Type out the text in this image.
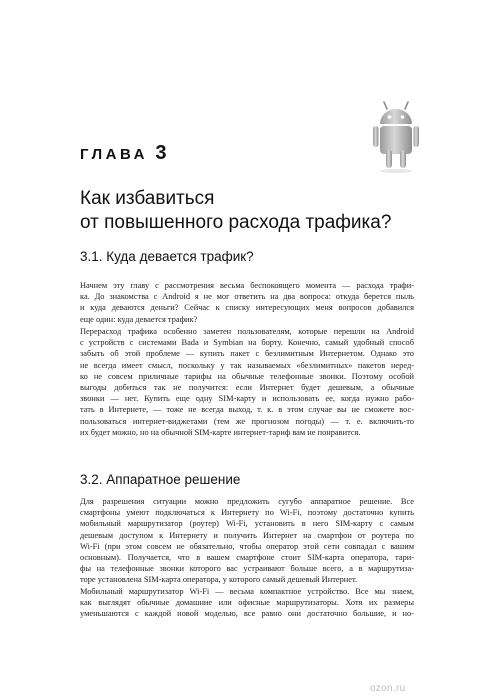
ГЛАВА 3
Как избавиться
от повышенного расхода трафика?
3.1. Куда девается трафик?

Начнем эту главу с рассмотрения весьма беспокоящего момента — расхода трафи-
ка. До знакомства с Android я не мог ответить на два вопроса: откуда берется пыль
и куда деваются деньги? Сейчас к списку интересующих меня вопросов добавился
еще один: куда девается трафик?

Перерасход трафика особенно заметен пользователям, которые перешли на Android
с устройств с системами Bada и Symbian на борту. Конечно, самый удобный способ
забыть об этой проблеме — купить пакет с безлимитным Интернетом. Однако это
не всегда имеет смысл, поскольку у так называемых «безлимитных» пакетов неред-
ко не совсем приличные тарифы на обычные телефонные звонки. Поэтому особой
выгоды добиться так не получится: если Интернет будет дешевым, а обычные
звонки — нет. Купить еще одну SIM-карту и использовать ее, когда нужно рабо-
тать в Интернете, — тоже не всегда выход, т. к. в этом случае вы не сможете вос-
пользоваться интернет-виджетами (тем же прогнозом погоды) — т. е. включить-то
их будет можно, но на обычной SIM-карте интернет-тариф вам не понравится.

3.2. Аппаратное решение

Для разрешения ситуации можно предложить сугубо аппаратное решение. Все
смартфоны умеют подключаться к Интернету по Wi-Fi, поэтому достаточно купить
мобильный маршрутизатор (роутер) Wi-Fi, установить в него SIM-карту с самым
дешевым доступом к Интернету и получить Интернет на смартфон от роутера по
Wi-Fi (при этом совсем не обязательно, чтобы оператор этой сети совпадал с вашим
основным). Получается, что в вашем смартфоне стоит SIM-карта оператора, тари-
фы на телефонные звонки которого вас устраивают больше всего, а в маршрутиза-
торе установлена SIM-карта оператора, у которого самый дешевый Интернет.

Мобильный маршрутизатор Wi-Fi — весьма компактное устройство. Все мы знаем,
как выглядят обычные домашние или офисные маршрутизаторы. Хотя их размеры
уменьшаются с каждой новой моделью, все равно они достаточно большие, и но-

ozon.ru
